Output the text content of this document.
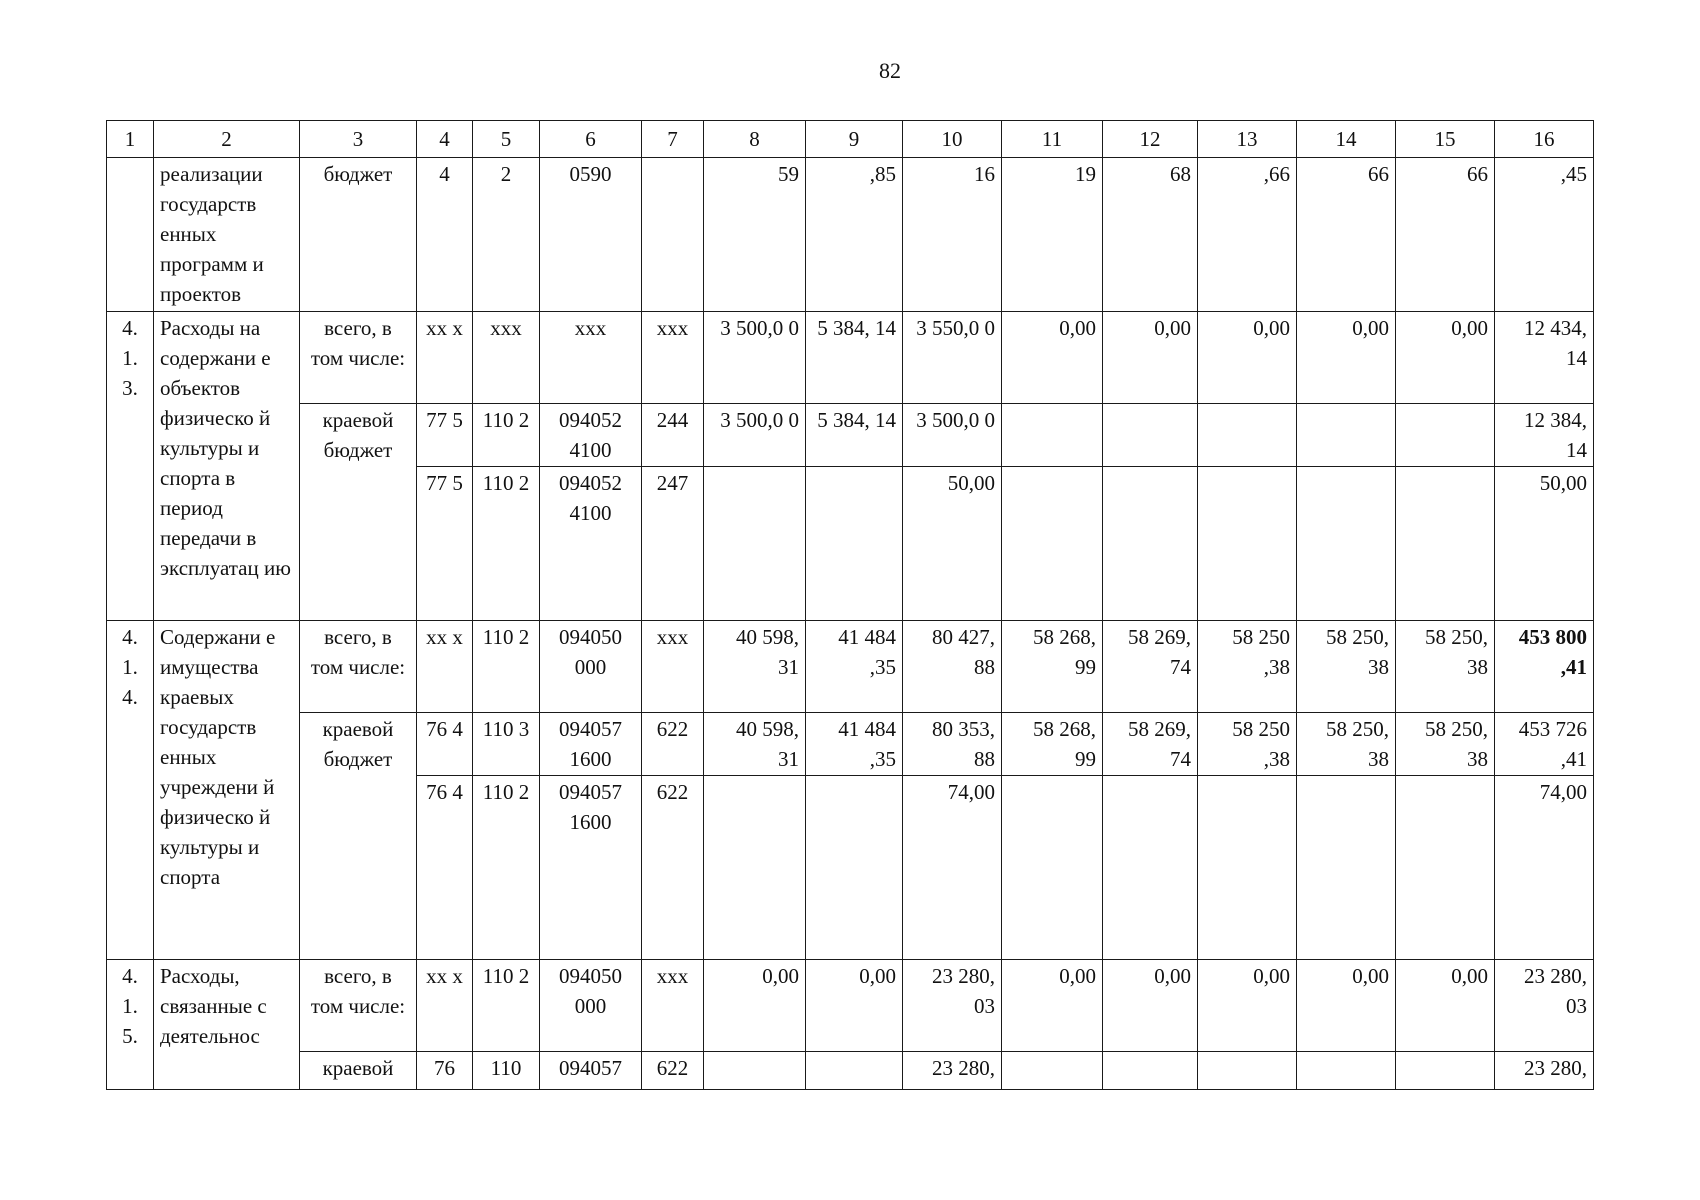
82
1	2	3	4	5	6	7	8	9	10	11	12	13	14	15	16
	реализации государств енных программ и проектов	бюджет	4	2	0590		59	,85	16	19	68	,66	66	66	,45
4. 1. 3.	Расходы на содержани е объектов физическо й культуры и спорта в период передачи в эксплуатац ию	всего, в том числе:	хх х	ххх	ххх	ххх	3 500,0 0	5 384, 14	3 550,0 0	0,00	0,00	0,00	0,00	0,00	12 434, 14
		краевой бюджет	77 5	110 2	094052 4100	244	3 500,0 0	5 384, 14	3 500,0 0						12 384, 14
			77 5	110 2	094052 4100	247			50,00						50,00
4. 1. 4.	Содержани е имущества краевых государств енных учреждени й физическо й культуры и спорта	всего, в том числе:	хх х	110 2	094050 000	ххх	40 598, 31	41 484 ,35	80 427, 88	58 268, 99	58 269, 74	58 250 ,38	58 250, 38	58 250, 38	453 800 ,41
		краевой бюджет	76 4	110 3	094057 1600	622	40 598, 31	41 484 ,35	80 353, 88	58 268, 99	58 269, 74	58 250 ,38	58 250, 38	58 250, 38	453 726 ,41
			76 4	110 2	094057 1600	622			74,00						74,00
4. 1. 5.	Расходы, связанные с деятельнос	всего, в том числе:	хх х	110 2	094050 000	ххх	0,00	0,00	23 280, 03	0,00	0,00	0,00	0,00	0,00	23 280, 03
		краевой	76	110	094057	622			23 280,						23 280,
